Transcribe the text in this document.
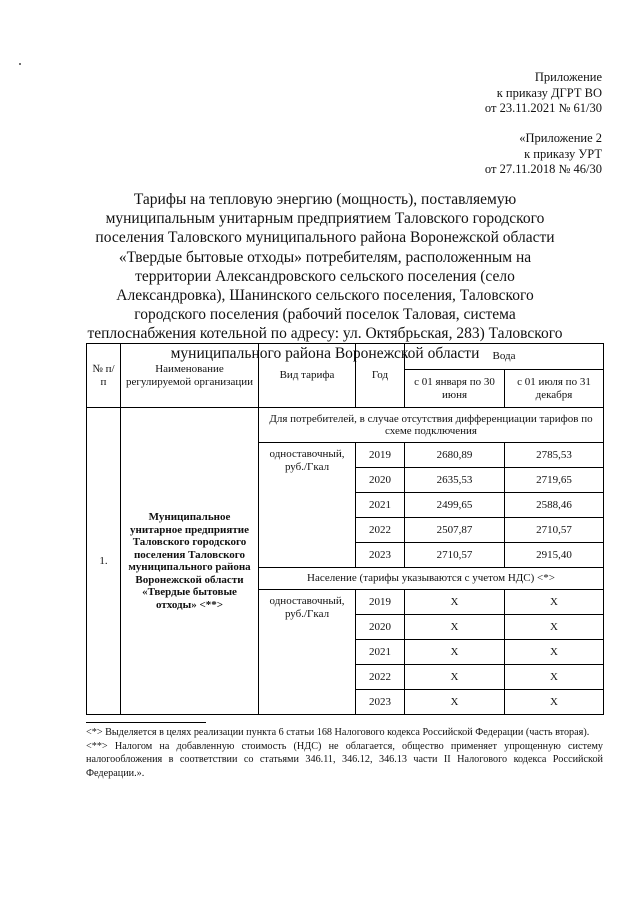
Приложение
к приказу ДГРТ ВО
от 23.11.2021 № 61/30
«Приложение 2
к приказу УРТ
от 27.11.2018 № 46/30
Тарифы на тепловую энергию (мощность), поставляемую муниципальным унитарным предприятием Таловского городского поселения Таловского муниципального района Воронежской области «Твердые бытовые отходы» потребителям, расположенным на территории Александровского сельского поселения (село Александровка), Шанинского сельского поселения, Таловского городского поселения (рабочий поселок Таловая, система теплоснабжения котельной по адресу: ул. Октябрьская, 283) Таловского муниципального района Воронежской области
№ п/п	Наименование регулируемой организации	Вид тарифа	Год	Вода	
				с 01 января по 30 июня	с 01 июля по 31 декабря
1.	Муниципальное унитарное предприятие Таловского городского поселения Таловского муниципального района Воронежской области «Твердые бытовые отходы» <**>	Для потребителей, в случае отсутствия дифференциации тарифов по схеме подключения			
		одноставочный, руб./Гкал	2019	2680,89	2785,53
			2020	2635,53	2719,65
			2021	2499,65	2588,46
			2022	2507,87	2710,57
			2023	2710,57	2915,40
		Население (тарифы указываются с учетом НДС) <*>			
		одноставочный, руб./Гкал	2019	Х	Х
			2020	Х	Х
			2021	Х	Х
			2022	Х	Х
			2023	Х	Х

<*> Выделяется в целях реализации пункта 6 статьи 168 Налогового кодекса Российской Федерации (часть вторая).

<**> Налогом на добавленную стоимость (НДС) не облагается, общество применяет упрощенную систему налогообложения в соответствии со статьями 346.11, 346.12, 346.13 части II Налогового кодекса Российской Федерации.».
